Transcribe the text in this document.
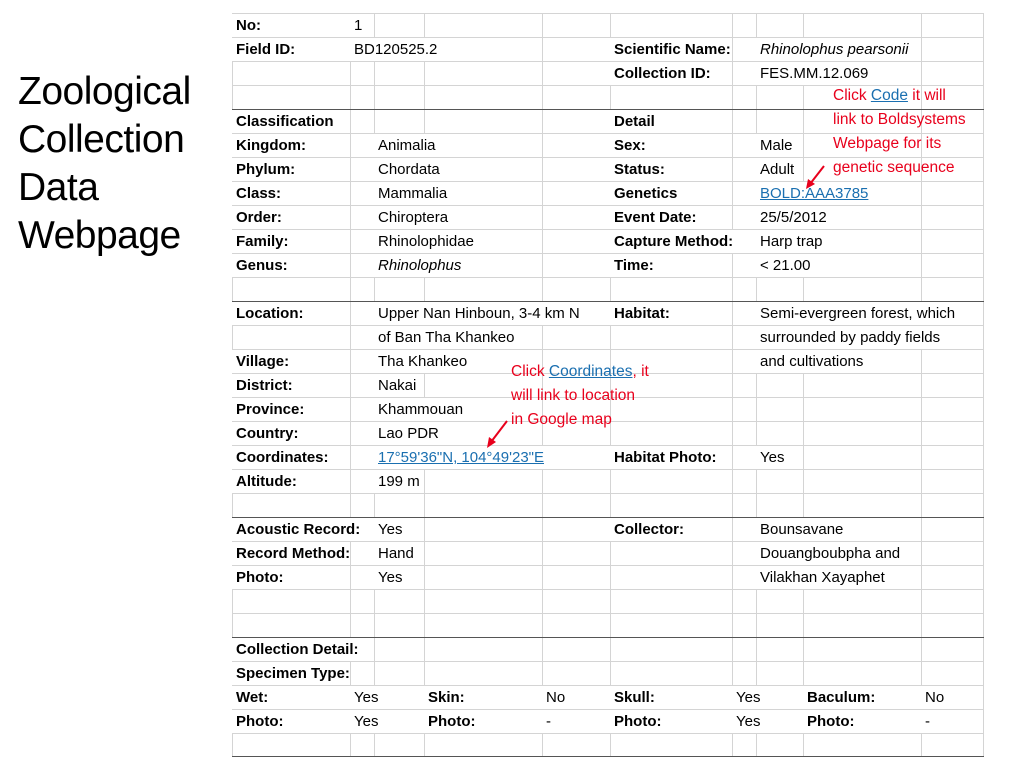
Zoological
Collection
Data
Webpage
No:	1
Field ID:	BD120525.2	Scientific Name: Rhinolophus pearsonii
Collection ID:	FES.MM.12.069
Classification	Detail
Kingdom:	Animalia	Sex:	Male
Phylum:	Chordata	Status:	Adult
Class:	Mammalia	Genetics	BOLD:AAA3785
Order:	Chiroptera	Event Date:	25/5/2012
Family:	Rhinolophidae	Capture Method: Harp trap
Genus:	Rhinolophus	Time:	< 21.00
Location:	Upper Nan Hinboun, 3-4 km N Habitat:	Semi-evergreen forest, which
of Ban Tha Khankeo	surrounded by paddy fields
Village:	Tha Khankeo	and cultivations
District:	Nakai
Province:	Khammouan
Country:	Lao PDR
Coordinates:	17°59'36"N, 104°49'23"E	Habitat Photo:	Yes
Altitude:	199 m
Acoustic Record: Yes	Collector:	Bounsavane
Record Method: Hand	Douangboubpha and
Photo:	Yes	Vilakhan Xayaphet
Collection Detail:
Specimen Type:
Wet:	Yes	Skin:	No	Skull:	Yes	Baculum:	No
Photo:	Yes	Photo:	-	Photo:	Yes	Photo:	-
Click Code it will
link to Boldsystems
Webpage for its
genetic sequence
Click Coordinates, it
will link to location
in Google map
